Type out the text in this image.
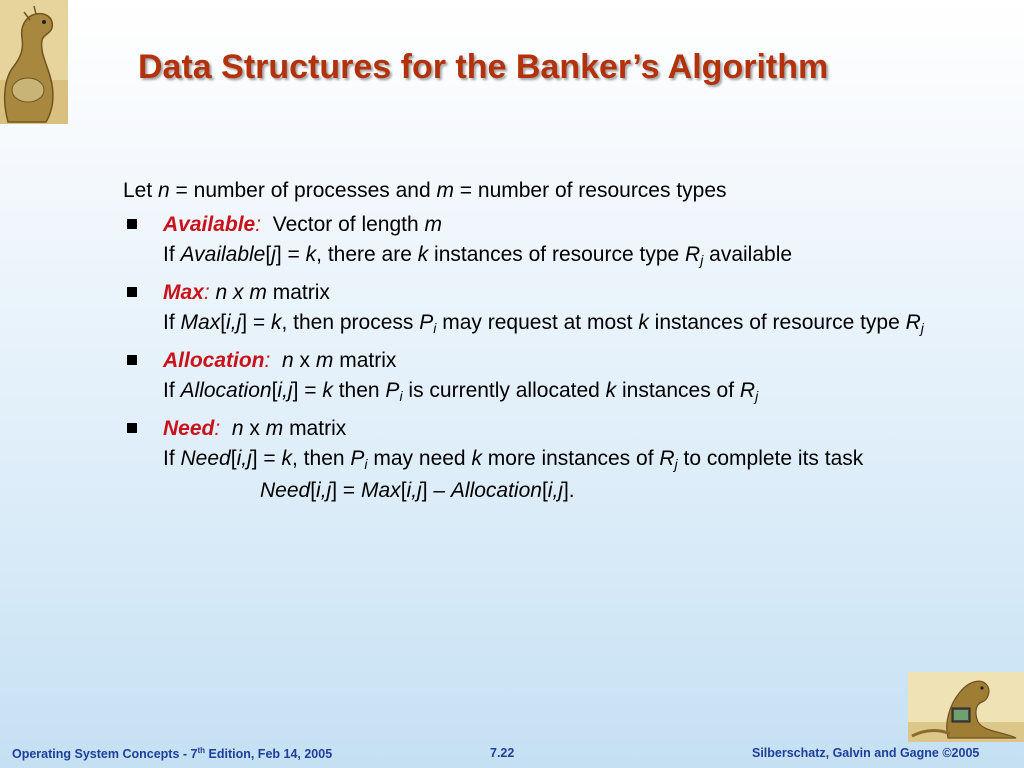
Data Structures for the Banker’s Algorithm
Let n = number of processes and m = number of resources types
Available:  Vector of length m
If Available[j] = k, there are k instances of resource type $R_j$ available
Max: n x m matrix
If Max[i,j] = k, then process $P_i$ may request at most k instances of resource type $R_j$
Allocation: n x m matrix
If Allocation[i,j] = k then $P_i$ is currently allocated k instances of $R_j$
Need: n x m matrix
If Need[i,j] = k, then $P_i$ may need k more instances of $R_j$ to complete its task
Need[i,j] = Max[i,j] – Allocation[i,j].
Operating System Concepts - 7th Edition, Feb 14, 2005	7.22	Silberschatz, Galvin and Gagne ©2005
